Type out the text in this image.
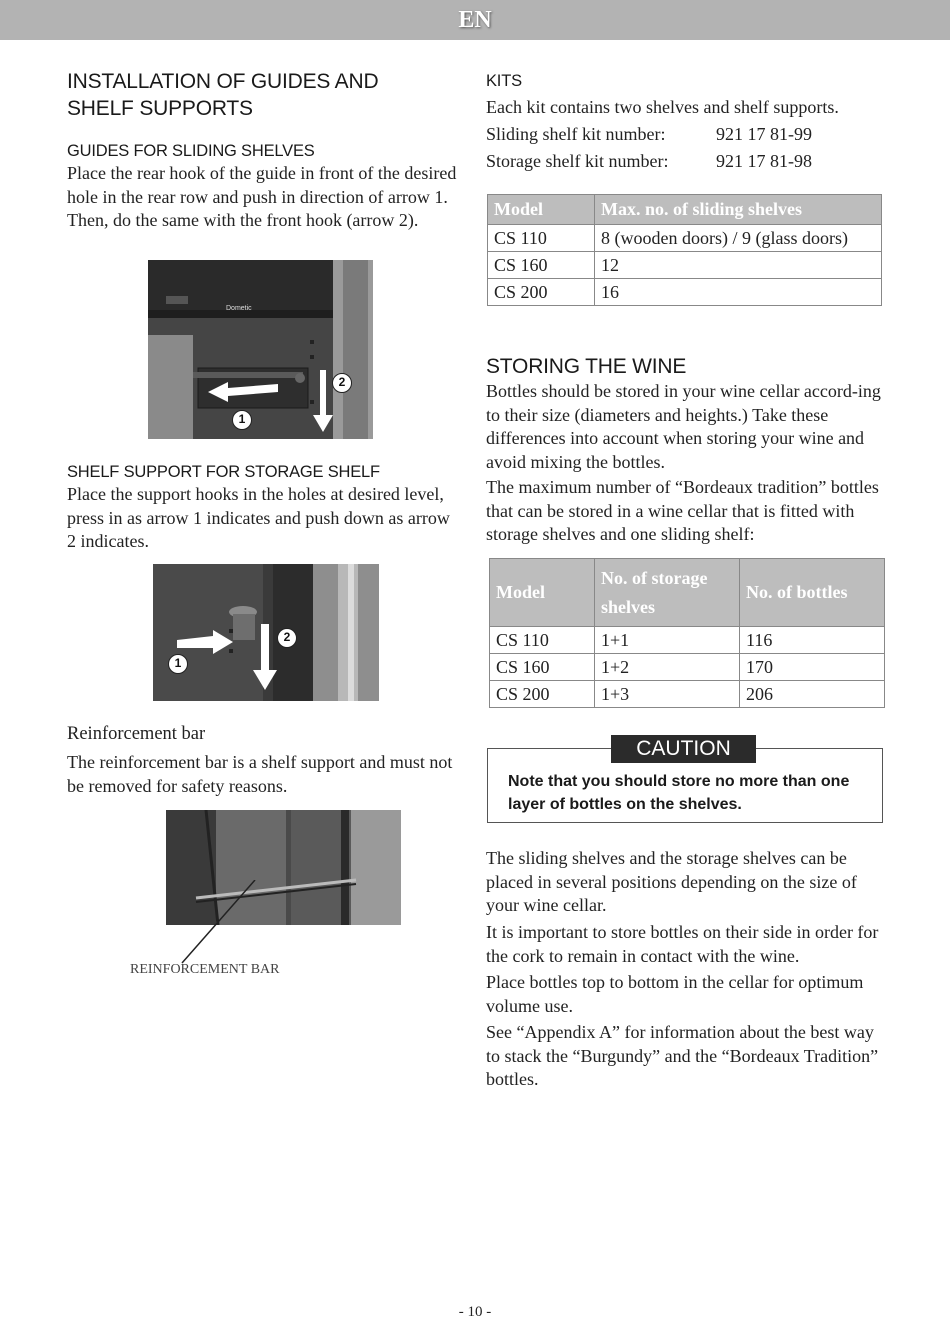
EN
INSTALLATION OF GUIDES AND SHELF SUPPORTS
GUIDES FOR SLIDING SHELVES
Place the rear hook of the guide in front of the desired hole in the rear row and push in direction of arrow 1. Then, do the same with the front hook (arrow 2).
Dometic
1
2
SHELF SUPPORT FOR STORAGE SHELF
Place the support hooks in the holes at desired level, press in as arrow 1 indicates and push down as arrow 2 indicates.
1
2
Reinforcement bar
The reinforcement bar is a shelf support and must not be removed for safety reasons.
REINFORCEMENT BAR
KITS
Each kit contains two shelves and shelf supports.
Sliding shelf kit number:	921 17 81-99
Storage shelf kit number:	921 17 81-98
Model	Max. no. of sliding shelves
CS 110	8 (wooden doors) / 9 (glass doors)
CS 160	12
CS 200	16
STORING THE WINE
Bottles should be stored in your wine cellar accord-ing to their size (diameters and heights.) Take these differences into account when storing your wine and avoid mixing the bottles.
The maximum number of “Bordeaux tradition” bottles that can be stored in a wine cellar that is fitted with storage shelves and one sliding shelf:
Model	No. of storage shelves	No. of bottles
CS 110	1+1	116
CS 160	1+2	170
CS 200	1+3	206
CAUTION
Note that you should store no more than one layer of bottles on the shelves.
The sliding shelves and the storage shelves can be placed in several positions depending on the size of your wine cellar.
It is important to store bottles on their side in order for the cork to remain in contact with the wine.
Place bottles top to bottom in the cellar for optimum volume use.
See “Appendix A” for information about the best way to stack the “Burgundy” and the “Bordeaux Tradition” bottles.
- 10 -
